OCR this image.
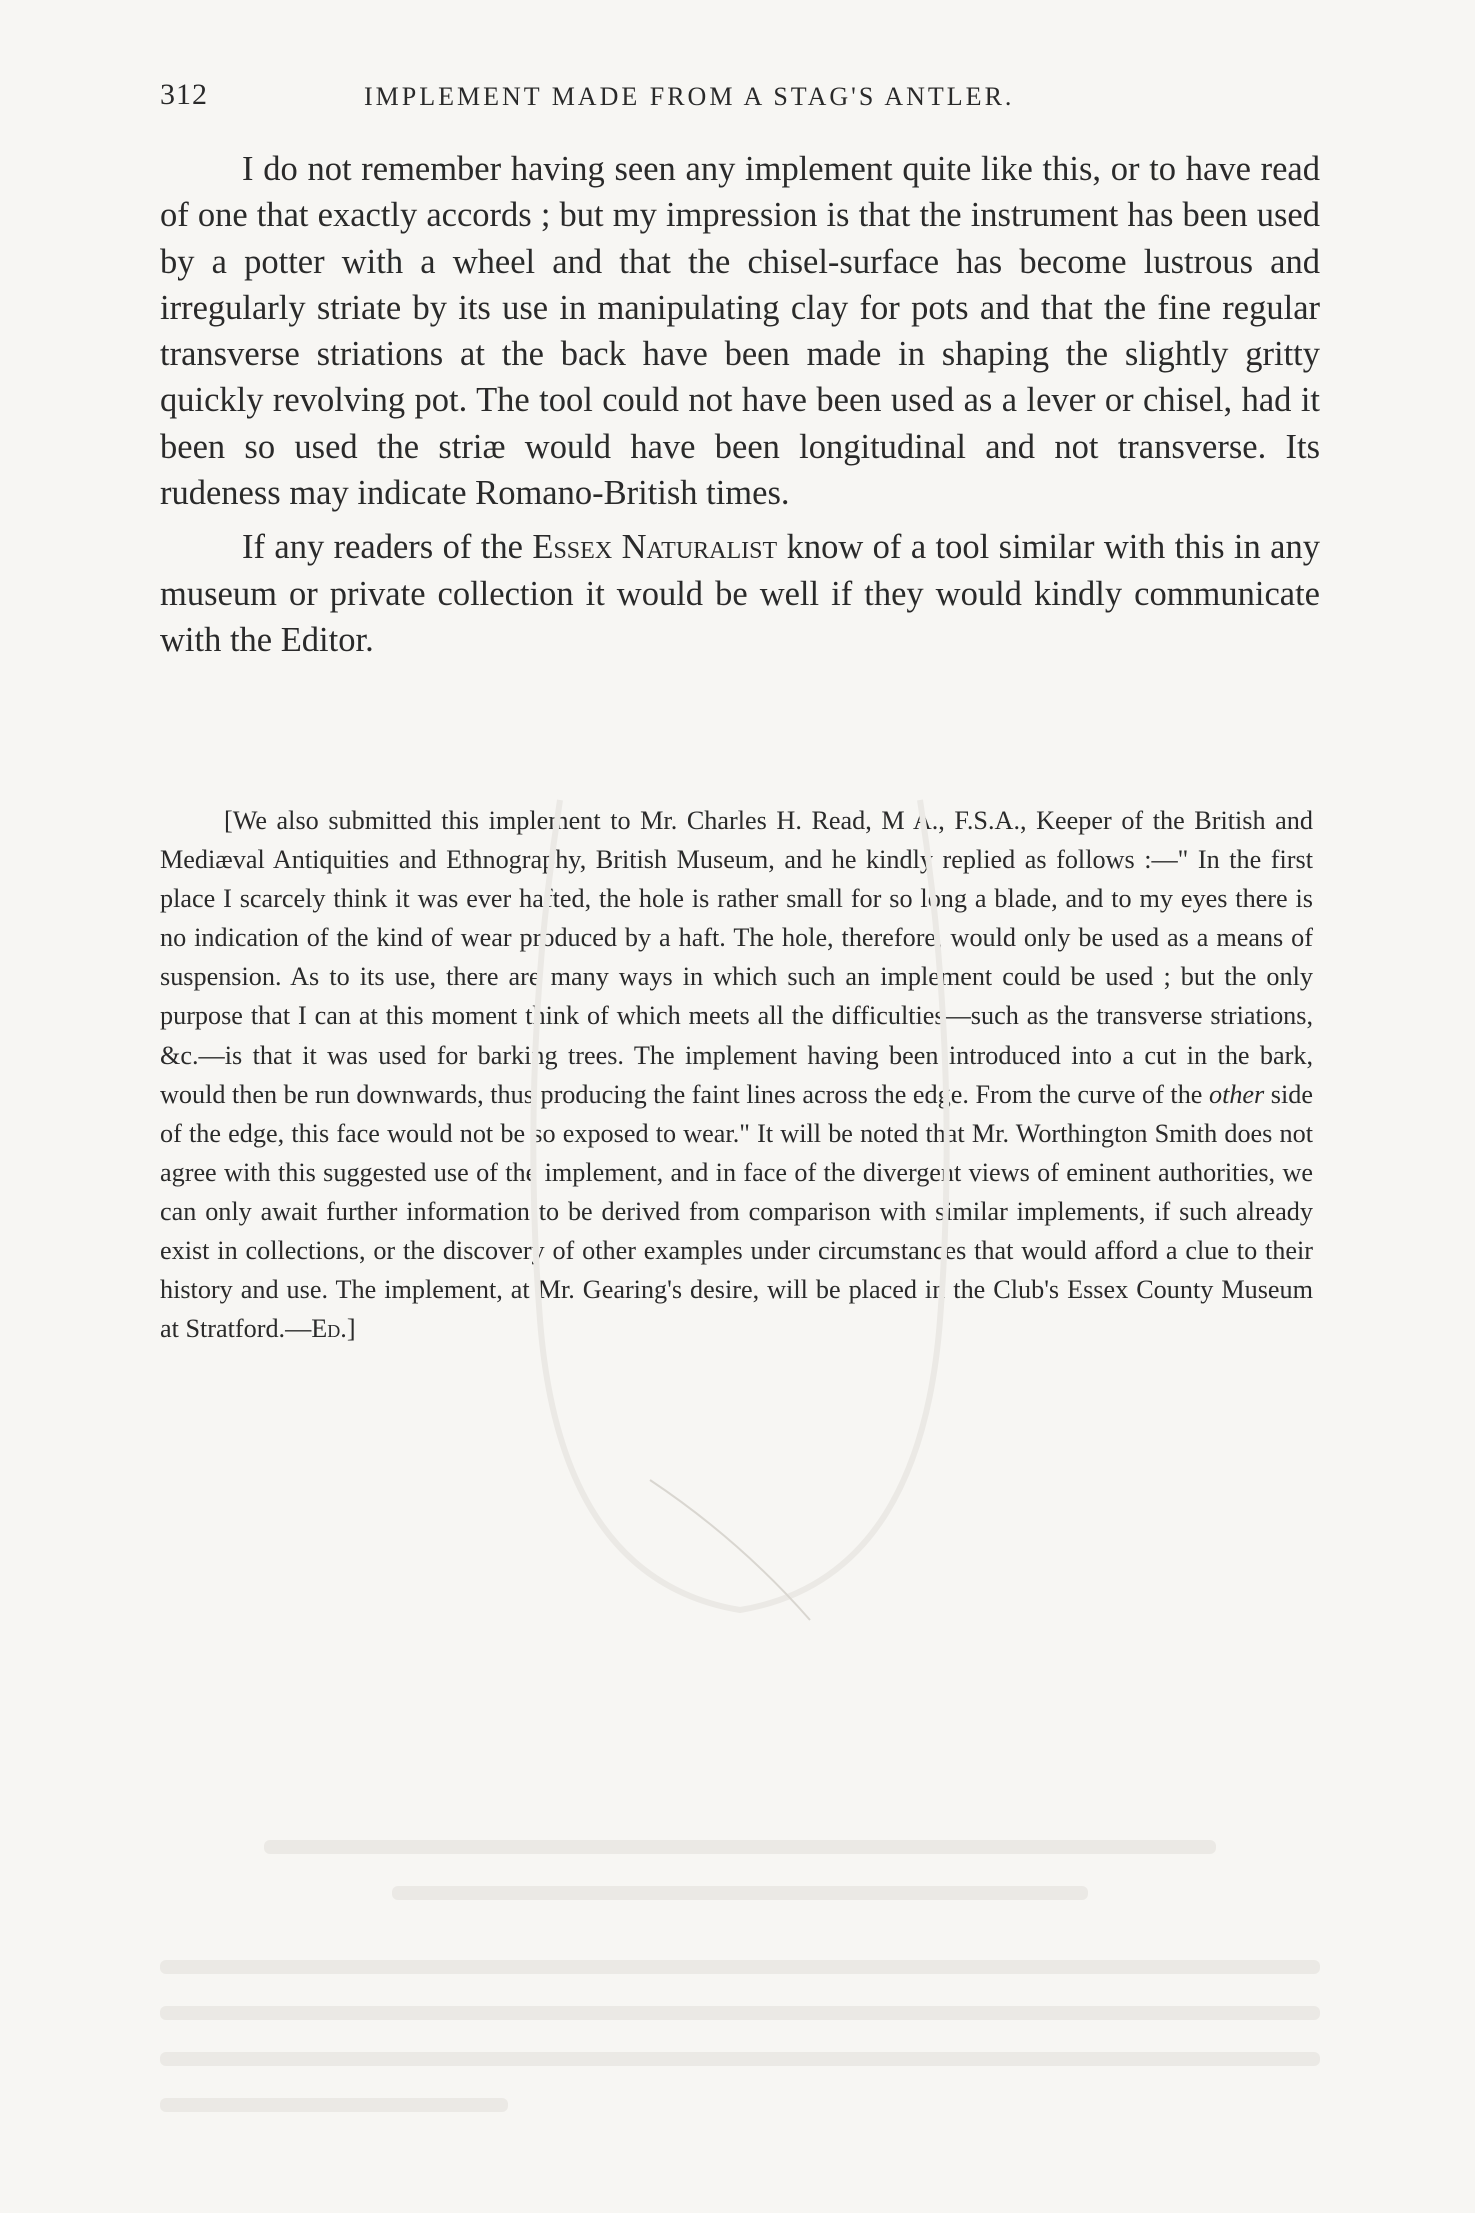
312	IMPLEMENT MADE FROM A STAG'S ANTLER.

I do not remember having seen any implement quite like this, or to have read of one that exactly accords ; but my impression is that the instrument has been used by a potter with a wheel and that the chisel-surface has become lustrous and irregularly striate by its use in manipulating clay for pots and that the fine regular transverse striations at the back have been made in shaping the slightly gritty quickly revolving pot. The tool could not have been used as a lever or chisel, had it been so used the striæ would have been longitudinal and not transverse. Its rudeness may indicate Romano-British times.

If any readers of the Essex Naturalist know of a tool similar with this in any museum or private collection it would be well if they would kindly communicate with the Editor.

[We also submitted this implement to Mr. Charles H. Read, M A., F.S.A., Keeper of the British and Mediæval Antiquities and Ethnography, British Museum, and he kindly replied as follows :—" In the first place I scarcely think it was ever hafted, the hole is rather small for so long a blade, and to my eyes there is no indication of the kind of wear produced by a haft. The hole, therefore, would only be used as a means of suspension. As to its use, there are many ways in which such an implement could be used ; but the only purpose that I can at this moment think of which meets all the difficulties—such as the transverse striations, &c.—is that it was used for barking trees. The implement having been introduced into a cut in the bark, would then be run downwards, thus producing the faint lines across the edge. From the curve of the other side of the edge, this face would not be so exposed to wear." It will be noted that Mr. Worthington Smith does not agree with this suggested use of the implement, and in face of the divergent views of eminent authorities, we can only await further information to be derived from comparison with similar implements, if such already exist in collections, or the discovery of other examples under circumstances that would afford a clue to their history and use. The implement, at Mr. Gearing's desire, will be placed in the Club's Essex County Museum at Stratford.—Ed.]
